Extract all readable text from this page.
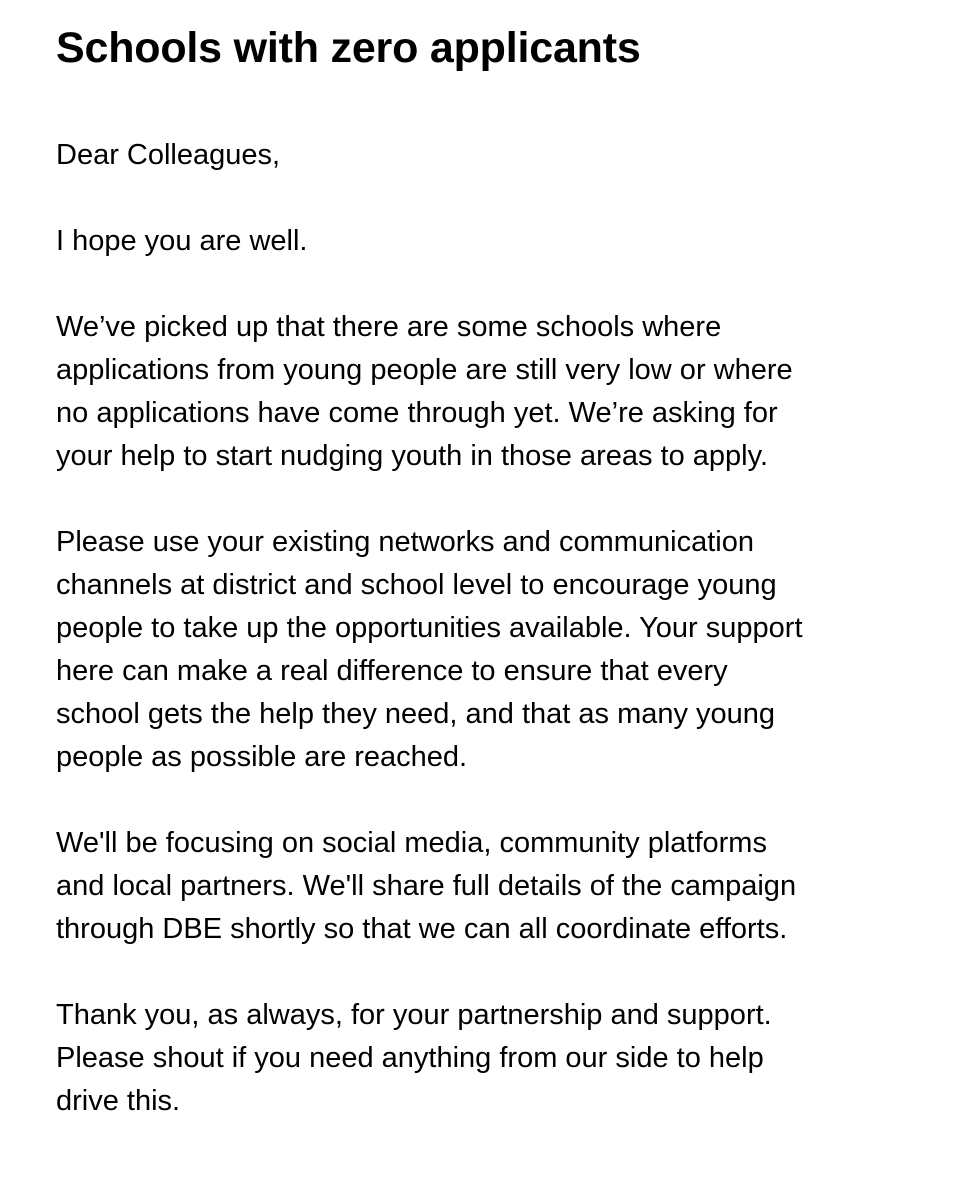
Schools with zero applicants

Dear Colleagues,

I hope you are well.

We’ve picked up that there are some schools where
applications from young people are still very low or where
no applications have come through yet. We’re asking for
your help to start nudging youth in those areas to apply.

Please use your existing networks and communication
channels at district and school level to encourage young
people to take up the opportunities available. Your support
here can make a real difference to ensure that every
school gets the help they need, and that as many young
people as possible are reached.

We'll be focusing on social media, community platforms
and local partners. We'll share full details of the campaign
through DBE shortly so that we can all coordinate efforts.

Thank you, as always, for your partnership and support.
Please shout if you need anything from our side to help
drive this.
